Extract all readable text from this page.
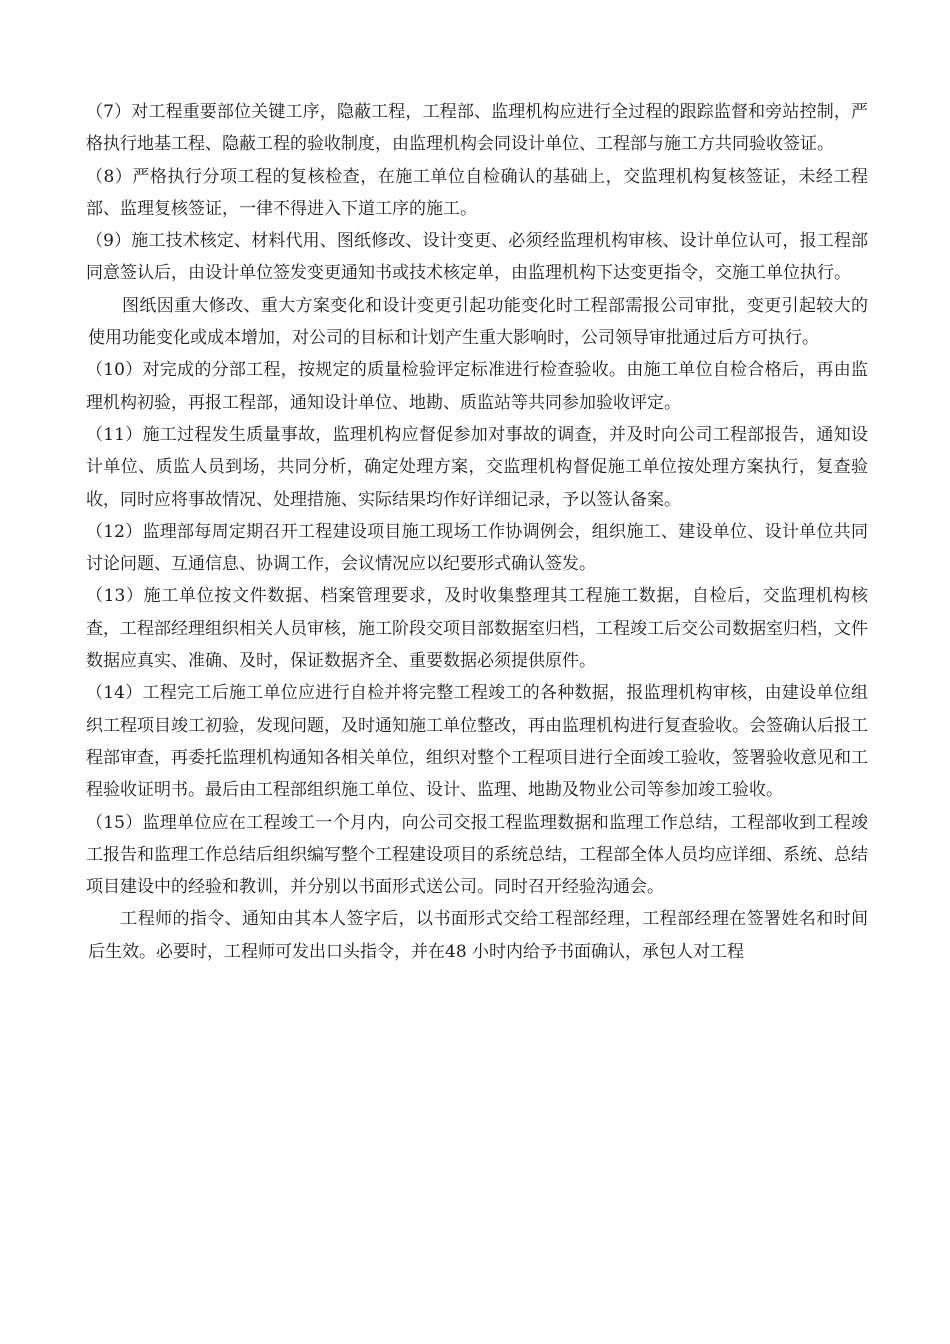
（7）对工程重要部位关键工序，隐蔽工程，工程部、监理机构应进行全过程的跟踪监督和旁站控制，严格执行地基工程、隐蔽工程的验收制度，由监理机构会同设计单位、工程部与施工方共同验收签证。

（8）严格执行分项工程的复核检查，在施工单位自检确认的基础上，交监理机构复核签证，未经工程部、监理复核签证，一律不得进入下道工序的施工。

（9）施工技术核定、材料代用、图纸修改、设计变更、必须经监理机构审核、设计单位认可，报工程部同意签认后，由设计单位签发变更通知书或技术核定单，由监理机构下达变更指令，交施工单位执行。

图纸因重大修改、重大方案变化和设计变更引起功能变化时工程部需报公司审批，变更引起较大的使用功能变化或成本增加，对公司的目标和计划产生重大影响时，公司领导审批通过后方可执行。

（10）对完成的分部工程，按规定的质量检验评定标准进行检查验收。由施工单位自检合格后，再由监理机构初验，再报工程部，通知设计单位、地勘、质监站等共同参加验收评定。

（11）施工过程发生质量事故，监理机构应督促参加对事故的调查，并及时向公司工程部报告，通知设计单位、质监人员到场，共同分析，确定处理方案，交监理机构督促施工单位按处理方案执行，复查验收，同时应将事故情况、处理措施、实际结果均作好详细记录，予以签认备案。

（12）监理部每周定期召开工程建设项目施工现场工作协调例会，组织施工、建设单位、设计单位共同讨论问题、互通信息、协调工作，会议情况应以纪要形式确认签发。

（13）施工单位按文件数据、档案管理要求，及时收集整理其工程施工数据，自检后，交监理机构核查，工程部经理组织相关人员审核，施工阶段交项目部数据室归档，工程竣工后交公司数据室归档，文件数据应真实、准确、及时，保证数据齐全、重要数据必须提供原件。

（14）工程完工后施工单位应进行自检并将完整工程竣工的各种数据，报监理机构审核，由建设单位组织工程项目竣工初验，发现问题，及时通知施工单位整改，再由监理机构进行复查验收。会签确认后报工程部审查，再委托监理机构通知各相关单位，组织对整个工程项目进行全面竣工验收，签署验收意见和工程验收证明书。最后由工程部组织施工单位、设计、监理、地勘及物业公司等参加竣工验收。

（15）监理单位应在工程竣工一个月内，向公司交报工程监理数据和监理工作总结，工程部收到工程竣工报告和监理工作总结后组织编写整个工程建设项目的系统总结，工程部全体人员均应详细、系统、总结项目建设中的经验和教训，并分别以书面形式送公司。同时召开经验沟通会。

工程师的指令、通知由其本人签字后，以书面形式交给工程部经理，工程部经理在签署姓名和时间后生效。必要时，工程师可发出口头指令，并在48 小时内给予书面确认，承包人对工程
